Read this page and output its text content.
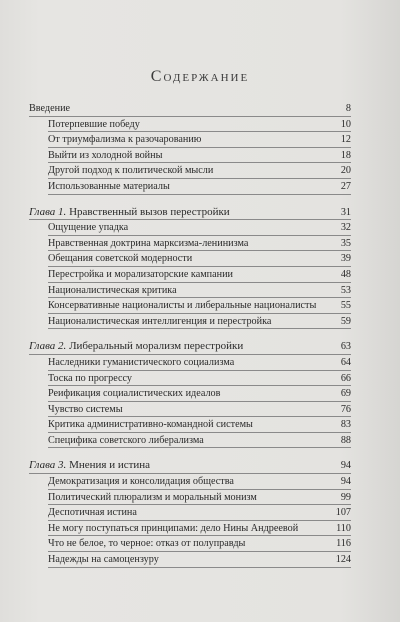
Содержание
Введение	8
Потерпевшие победу	10
От триумфализма к разочарованию	12
Выйти из холодной войны	18
Другой подход к политической мысли	20
Использованные материалы	27
Глава 1. Нравственный вызов перестройки	31
Ощущение упадка	32
Нравственная доктрина марксизма-ленинизма	35
Обещания советской модерности	39
Перестройка и морализаторские кампании	48
Националистическая критика	53
Консервативные националисты и либеральные националисты 55
Националистическая интеллигенция и перестройка	59
Глава 2. Либеральный морализм перестройки	63
Наследники гуманистического социализма	64
Тоска по прогрессу	66
Реификация социалистических идеалов	69
Чувство системы	76
Критика административно-командной системы	83
Специфика советского либерализма	88
Глава 3. Мнения и истина	94
Демократизация и консолидация общества	94
Политический плюрализм и моральный монизм	99
Деспотичная истина	107
Не могу поступаться принципами: дело Нины Андреевой	110
Что не белое, то черное: отказ от полуправды	116
Надежды на самоцензуру	124
